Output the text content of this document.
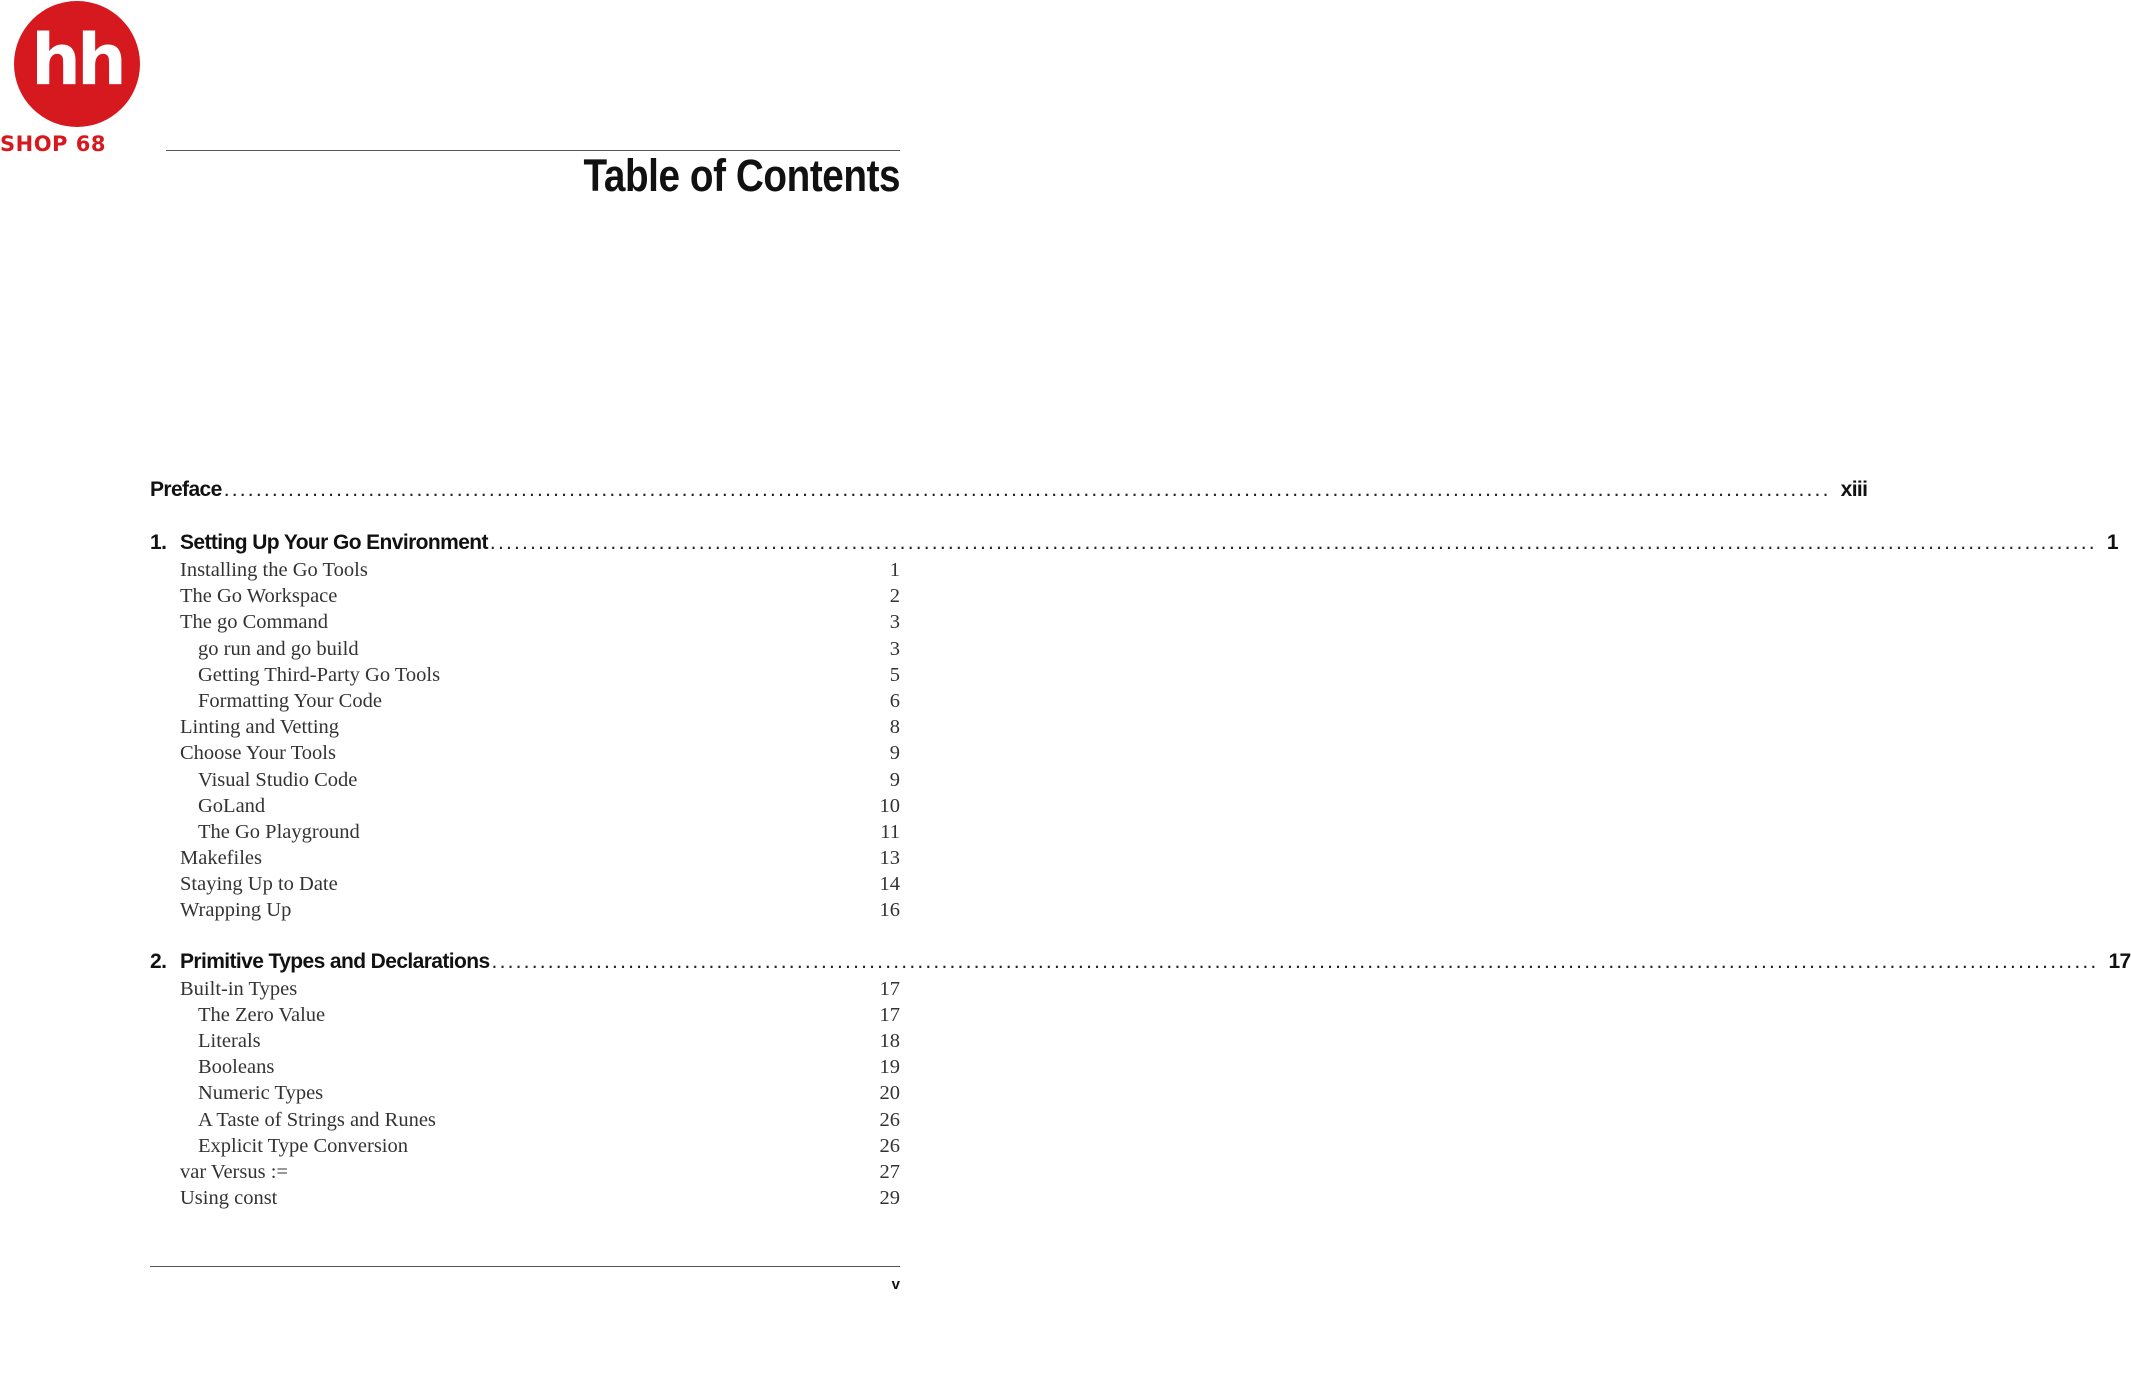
hh
SHOP 68
Table of Contents
Preface ........................................................................................................................................................................................................ xiii
1. Setting Up Your Go Environment ........................................................................................................................................................................................................ 1
Installing the Go Tools	1
The Go Workspace	2
The go Command	3
go run and go build	3
Getting Third-Party Go Tools	5
Formatting Your Code	6
Linting and Vetting	8
Choose Your Tools	9
Visual Studio Code	9
GoLand	10
The Go Playground	11
Makefiles	13
Staying Up to Date	14
Wrapping Up	16
2. Primitive Types and Declarations ........................................................................................................................................................................................................ 17
Built-in Types	17
The Zero Value	17
Literals	18
Booleans	19
Numeric Types	20
A Taste of Strings and Runes	26
Explicit Type Conversion	26
var Versus :=	27
Using const	29
v
